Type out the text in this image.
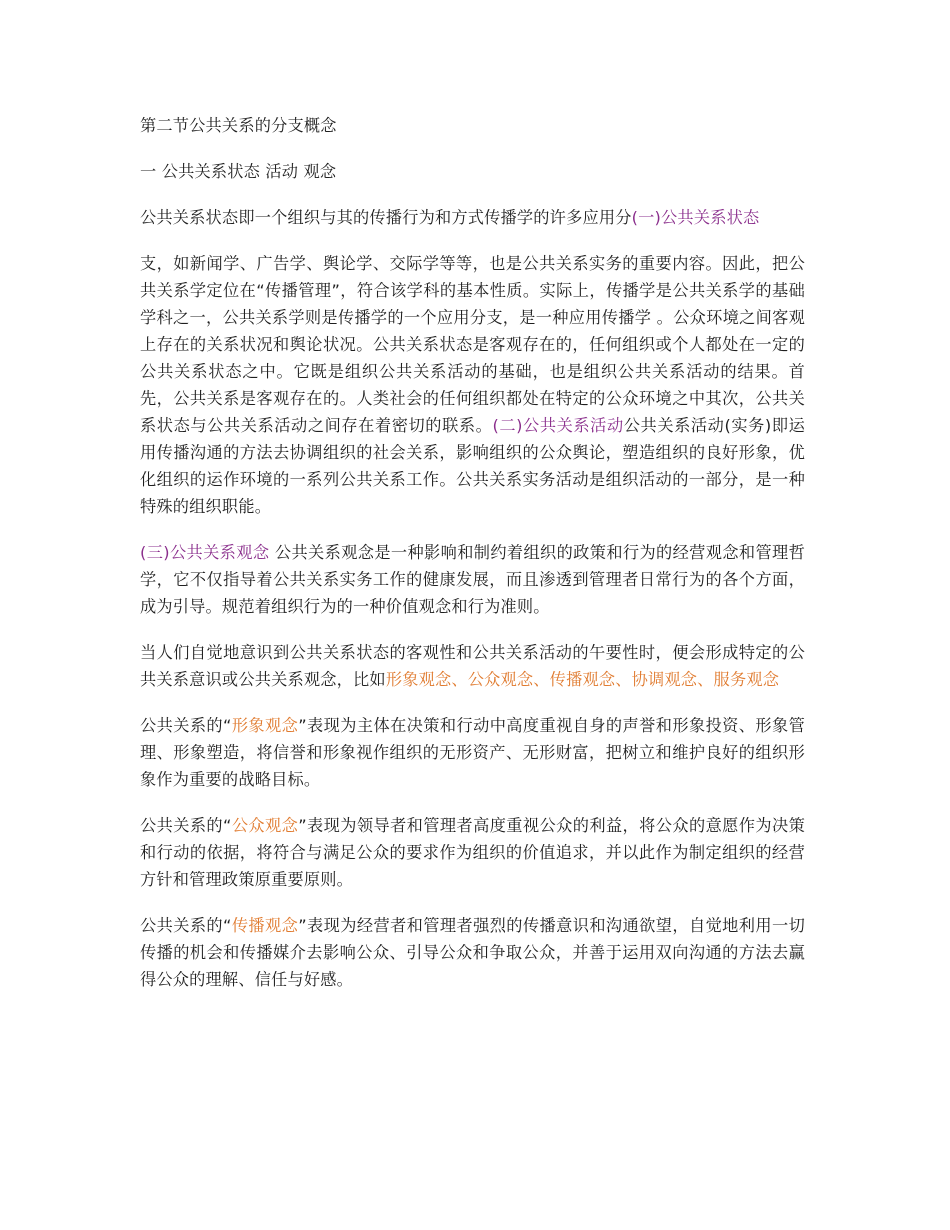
第二节公共关系的分支概念

一 公共关系状态 活动 观念

公共关系状态即一个组织与其的传播行为和方式传播学的许多应用分(一)公共关系状态

支，如新闻学、广告学、舆论学、交际学等等，也是公共关系实务的重要内容。因此，把公共关系学定位在“传播管理”，符合该学科的基本性质。实际上，传播学是公共关系学的基础学科之一，公共关系学则是传播学的一个应用分支，是一种应用传播学 。公众环境之间客观上存在的关系状况和舆论状况。公共关系状态是客观存在的，任何组织或个人都处在一定的公共关系状态之中。它既是组织公共关系活动的基础，也是组织公共关系活动的结果。首先，公共关系是客观存在的。人类社会的任何组织都处在特定的公众环境之中其次，公共关系状态与公共关系活动之间存在着密切的联系。(二)公共关系活动公共关系活动(实务)即运用传播沟通的方法去协调组织的社会关系，影响组织的公众舆论，塑造组织的良好形象，优化组织的运作环境的一系列公共关系工作。公共关系实务活动是组织活动的一部分，是一种特殊的组织职能。

(三)公共关系观念 公共关系观念是一种影响和制约着组织的政策和行为的经营观念和管理哲学，它不仅指导着公共关系实务工作的健康发展，而且渗透到管理者日常行为的各个方面，成为引导。规范着组织行为的一种价值观念和行为准则。

当人们自觉地意识到公共关系状态的客观性和公共关系活动的午要性时，便会形成特定的公共关系意识或公共关系观念，比如形象观念、公众观念、传播观念、协调观念、服务观念

公共关系的“形象观念”表现为主体在决策和行动中高度重视自身的声誉和形象投资、形象管理、形象塑造，将信誉和形象视作组织的无形资产、无形财富，把树立和维护良好的组织形象作为重要的战略目标。

公共关系的“公众观念”表现为领导者和管理者高度重视公众的利益，将公众的意愿作为决策和行动的依据，将符合与满足公众的要求作为组织的价值追求，并以此作为制定组织的经营方针和管理政策原重要原则。

公共关系的“传播观念”表现为经营者和管理者强烈的传播意识和沟通欲望，自觉地利用一切传播的机会和传播媒介去影响公众、引导公众和争取公众，并善于运用双向沟通的方法去赢得公众的理解、信任与好感。
